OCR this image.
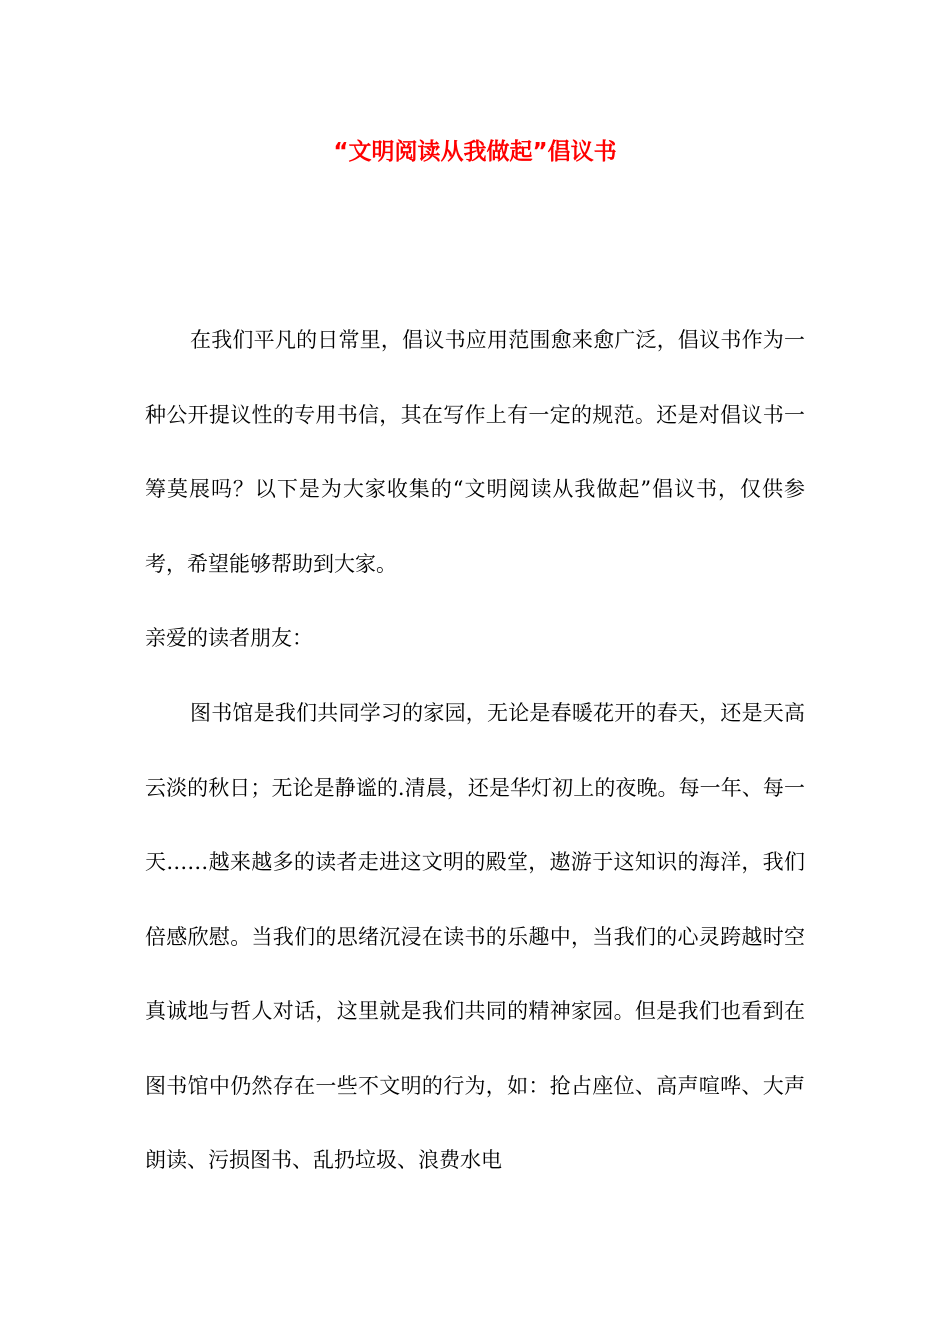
“文明阅读从我做起”倡议书

在我们平凡的日常里，倡议书应用范围愈来愈广泛，倡议书作为一种公开提议性的专用书信，其在写作上有一定的规范。还是对倡议书一筹莫展吗？以下是为大家收集的“文明阅读从我做起”倡议书，仅供参考，希望能够帮助到大家。

亲爱的读者朋友：

图书馆是我们共同学习的家园，无论是春暖花开的春天，还是天高云淡的秋日；无论是静谧的.清晨，还是华灯初上的夜晚。每一年、每一天……越来越多的读者走进这文明的殿堂，遨游于这知识的海洋，我们倍感欣慰。当我们的思绪沉浸在读书的乐趣中，当我们的心灵跨越时空真诚地与哲人对话，这里就是我们共同的精神家园。但是我们也看到在图书馆中仍然存在一些不文明的行为，如：抢占座位、高声喧哗、大声朗读、污损图书、乱扔垃圾、浪费水电
